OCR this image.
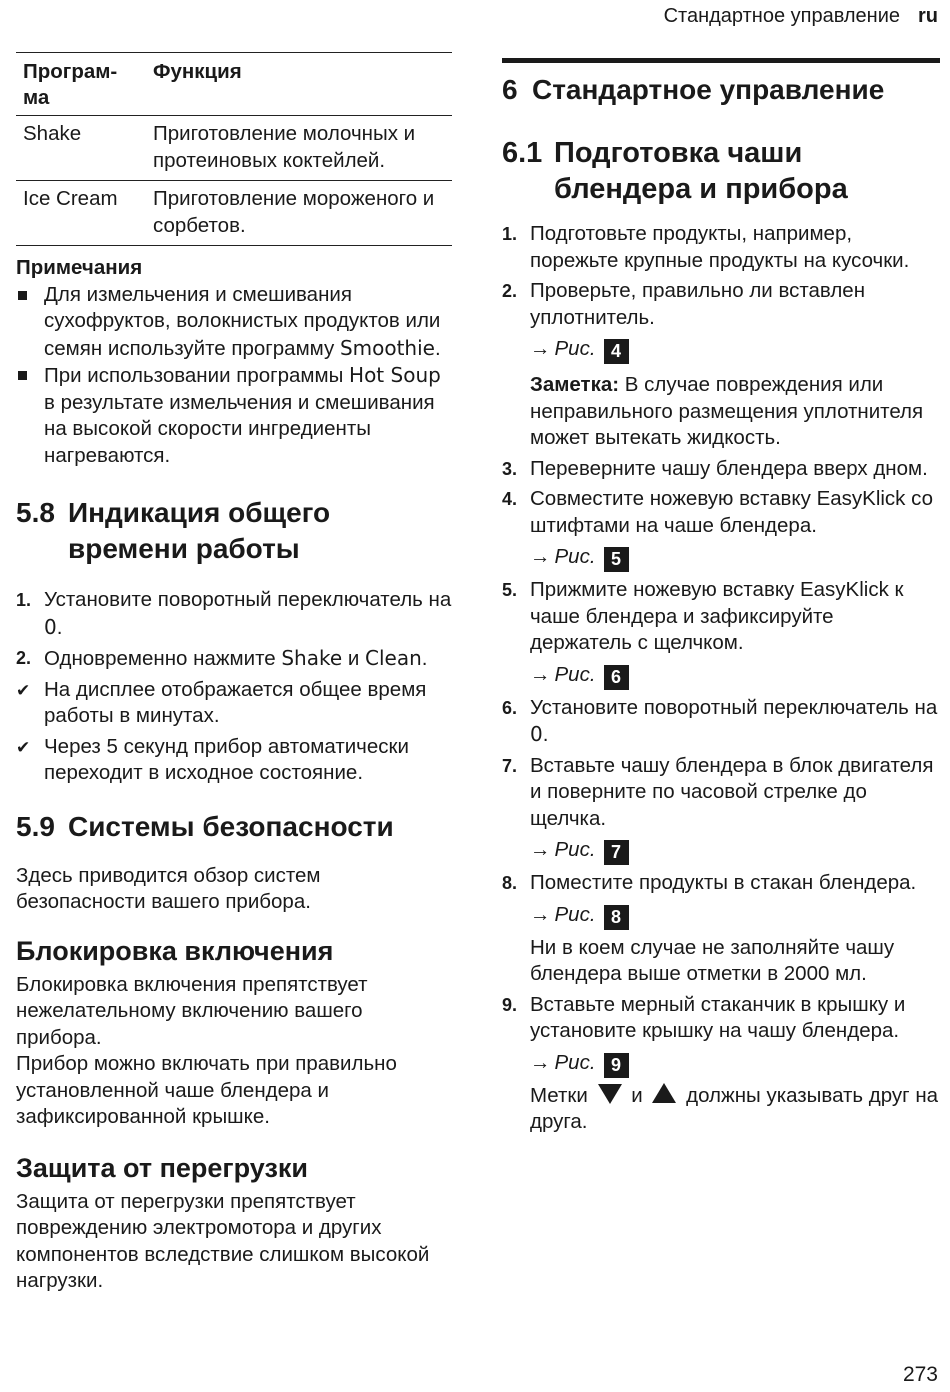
Стандартное управление ru
Програм-
ма	Функция
Shake	Приготовление молочных и протеиновых коктейлей.
Ice Cream	Приготовление мороженого и сорбетов.
Примечания
Для измельчения и смешивания сухофруктов, волокнистых продуктов или семян используйте программу Smoothie.
При использовании программы Hot Soup в результате измельчения и смешивания на высокой скорости ингредиенты нагреваются.
5.8 Индикация общего времени работы
1. Установите поворотный переключатель на 0.
2. Одновременно нажмите Shake и Clean.
✔ На дисплее отображается общее время работы в минутах.
✔ Через 5 секунд прибор автоматически переходит в исходное состояние.
5.9 Системы безопасности

Здесь приводится обзор систем безопасности вашего прибора.

Блокировка включения

Блокировка включения препятствует нежелательному включению вашего прибора.

Прибор можно включать при правильно установленной чаше блендера и зафиксированной крышке.

Защита от перегрузки

Защита от перегрузки препятствует повреждению электромотора и других компонентов вследствие слишком высокой нагрузки.

6 Стандартное управление
6.1 Подготовка чаши блендера и прибора
1. Подготовьте продукты, например, порежьте крупные продукты на кусочки.
2. Проверьте, правильно ли вставлен уплотнитель.
→ Рис. 4
Заметка: В случае повреждения или неправильного размещения уплотнителя может вытекать жидкость.
3. Переверните чашу блендера вверх дном.
4. Совместите ножевую вставку EasyKlick со штифтами на чаше блендера.
→ Рис. 5
5. Прижмите ножевую вставку EasyKlick к чаше блендера и зафиксируйте держатель с щелчком.
→ Рис. 6
6. Установите поворотный переключатель на 0.
7. Вставьте чашу блендера в блок двигателя и поверните по часовой стрелке до щелчка.
→ Рис. 7
8. Поместите продукты в стакан блендера.
→ Рис. 8
Ни в коем случае не заполняйте чашу блендера выше отметки в 2000 мл.
9. Вставьте мерный стаканчик в крышку и установите крышку на чашу блендера.
→ Рис. 9
Метки и должны указывать друг на друга.
273
